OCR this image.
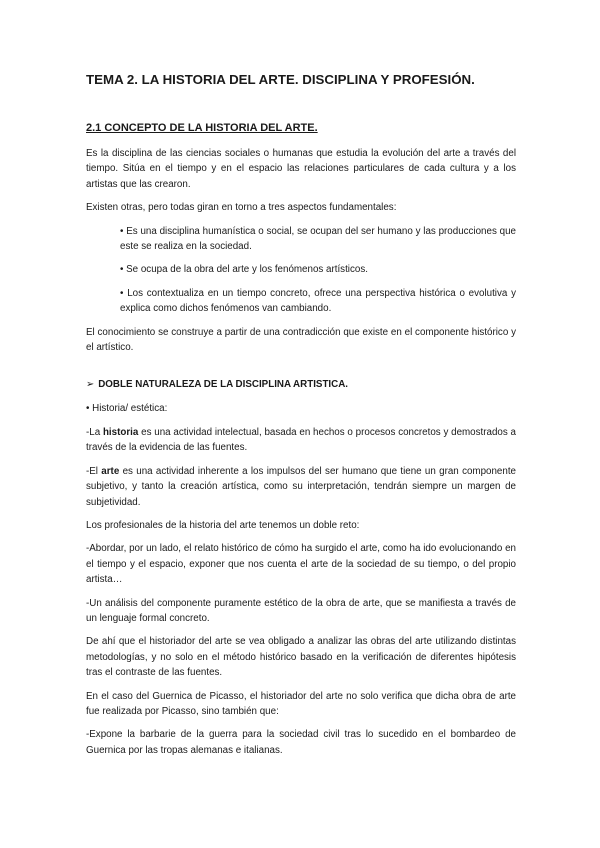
TEMA 2. LA HISTORIA DEL ARTE. DISCIPLINA Y PROFESIÓN.
2.1 CONCEPTO DE LA HISTORIA DEL ARTE.

Es la disciplina de las ciencias sociales o humanas que estudia la evolución del arte a través del tiempo. Sitúa en el tiempo y en el espacio las relaciones particulares de cada cultura y a los artistas que las crearon.

Existen otras, pero todas giran en torno a tres aspectos fundamentales:

• Es una disciplina humanística o social, se ocupan del ser humano y las producciones que este se realiza en la sociedad.
• Se ocupa de la obra del arte y los fenómenos artísticos.
• Los contextualiza en un tiempo concreto, ofrece una perspectiva histórica o evolutiva y explica como dichos fenómenos van cambiando.

El conocimiento se construye a partir de una contradicción que existe en el componente histórico y el artístico.

➢ DOBLE NATURALEZA DE LA DISCIPLINA ARTISTICA.

• Historia/ estética:

-La historia es una actividad intelectual, basada en hechos o procesos concretos y demostrados a través de la evidencia de las fuentes.

-El arte es una actividad inherente a los impulsos del ser humano que tiene un gran componente subjetivo, y tanto la creación artística, como su interpretación, tendrán siempre un margen de subjetividad.

Los profesionales de la historia del arte tenemos un doble reto:

-Abordar, por un lado, el relato histórico de cómo ha surgido el arte, como ha ido evolucionando en el tiempo y el espacio, exponer que nos cuenta el arte de la sociedad de su tiempo, o del propio artista…

-Un análisis del componente puramente estético de la obra de arte, que se manifiesta a través de un lenguaje formal concreto.

De ahí que el historiador del arte se vea obligado a analizar las obras del arte utilizando distintas metodologías, y no solo en el método histórico basado en la verificación de diferentes hipótesis tras el contraste de las fuentes.

En el caso del Guernica de Picasso, el historiador del arte no solo verifica que dicha obra de arte fue realizada por Picasso, sino también que:

-Expone la barbarie de la guerra para la sociedad civil tras lo sucedido en el bombardeo de Guernica por las tropas alemanas e italianas.
